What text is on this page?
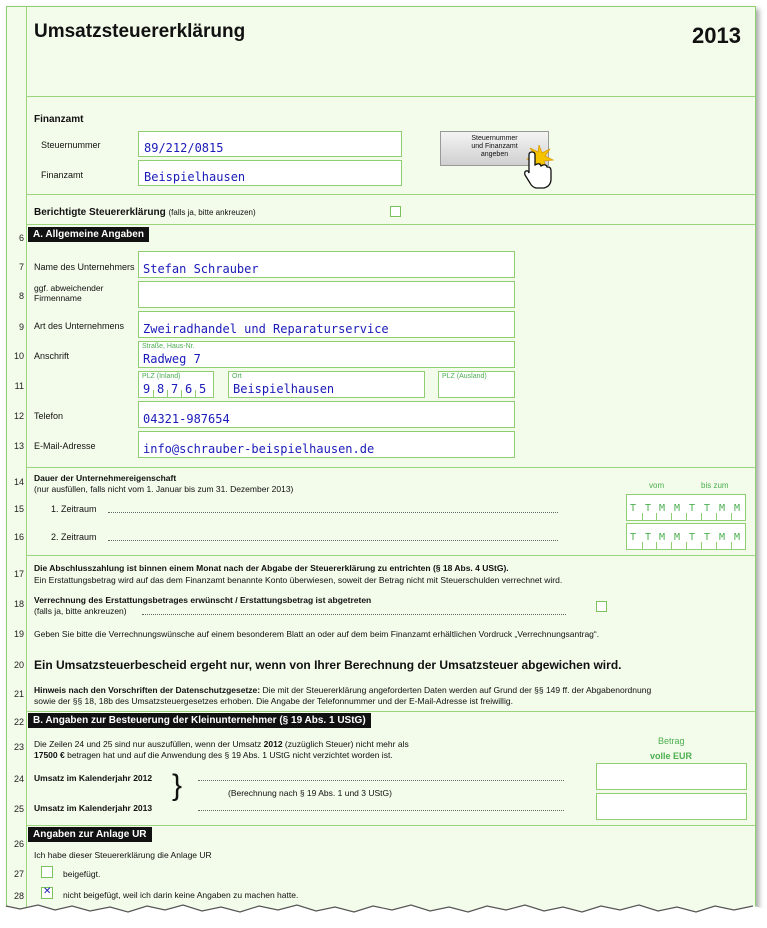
Umsatzsteuererklärung	2013
Finanzamt
Steuernummer	89/212/0815
Finanzamt	Beispielhausen
Steuernummer
und Finanzamt
angeben
Berichtigte Steuererklärung (falls ja, bitte ankreuzen)
A. Allgemeine Angaben
6
7 Name des Unternehmers Stefan Schrauber
8
ggf. abweichender
Firmenname
9 Art des Unternehmens Zweiradhandel und Reparaturservice
10 Anschrift
Straße, Haus-Nr.
Radweg 7
11
PLZ (Inland)
9 8 7 6 5
Ort
Beispielhausen
PLZ (Ausland)
12 Telefon	04321-987654
13 E-Mail-Adresse	info@schrauber-beispielhausen.de
14 Dauer der Unternehmereigenschaft
(nur ausfüllen, falls nicht vom 1. Januar bis zum 31. Dezember 2013)	vom	bis zum
15	1. Zeitraum	T T M M T T M M
16	2. Zeitraum	T T M M T T M M
17
Die Abschlusszahlung ist binnen einem Monat nach der Abgabe der Steuererklärung zu entrichten (§ 18 Abs. 4 UStG).
Ein Erstattungsbetrag wird auf das dem Finanzamt benannte Konto überwiesen, soweit der Betrag nicht mit Steuerschulden verrechnet wird.
18 Verrechnung des Erstattungsbetrages erwünscht / Erstattungsbetrag ist abgetreten
(falls ja, bitte ankreuzen)
19 Geben Sie bitte die Verrechnungswünsche auf einem besonderem Blatt an oder auf dem beim Finanzamt erhältlichen Vordruck „Verrechnungsantrag“.
20 Ein Umsatzsteuerbescheid ergeht nur, wenn von Ihrer Berechnung der Umsatzsteuer abgewichen wird.
21 Hinweis nach den Vorschriften der Datenschutzgesetze: Die mit der Steuererklärung angeforderten Daten werden auf Grund der §§ 149 ff. der Abgabenordnung
sowie der §§ 18, 18b des Umsatzsteuergesetzes erhoben. Die Angabe der Telefonnummer und der E-Mail-Adresse ist freiwillig.
22 B. Angaben zur Besteuerung der Kleinunternehmer (§ 19 Abs. 1 UStG)
23 Die Zeilen 24 und 25 sind nur auszufüllen, wenn der Umsatz 2012 (zuzüglich Steuer) nicht mehr als
17500 € betragen hat und auf die Anwendung des § 19 Abs. 1 UStG nicht verzichtet worden ist.
Betrag
volle EUR
24 Umsatz im Kalenderjahr 2012 }	(Berechnung nach § 19 Abs. 1 und 3 UStG)
25 Umsatz im Kalenderjahr 2013
Angaben zur Anlage UR
26
Ich habe dieser Steuererklärung die Anlage UR
27	beigefügt.
28 ✕ nicht beigefügt, weil ich darin keine Angaben zu machen hatte.
